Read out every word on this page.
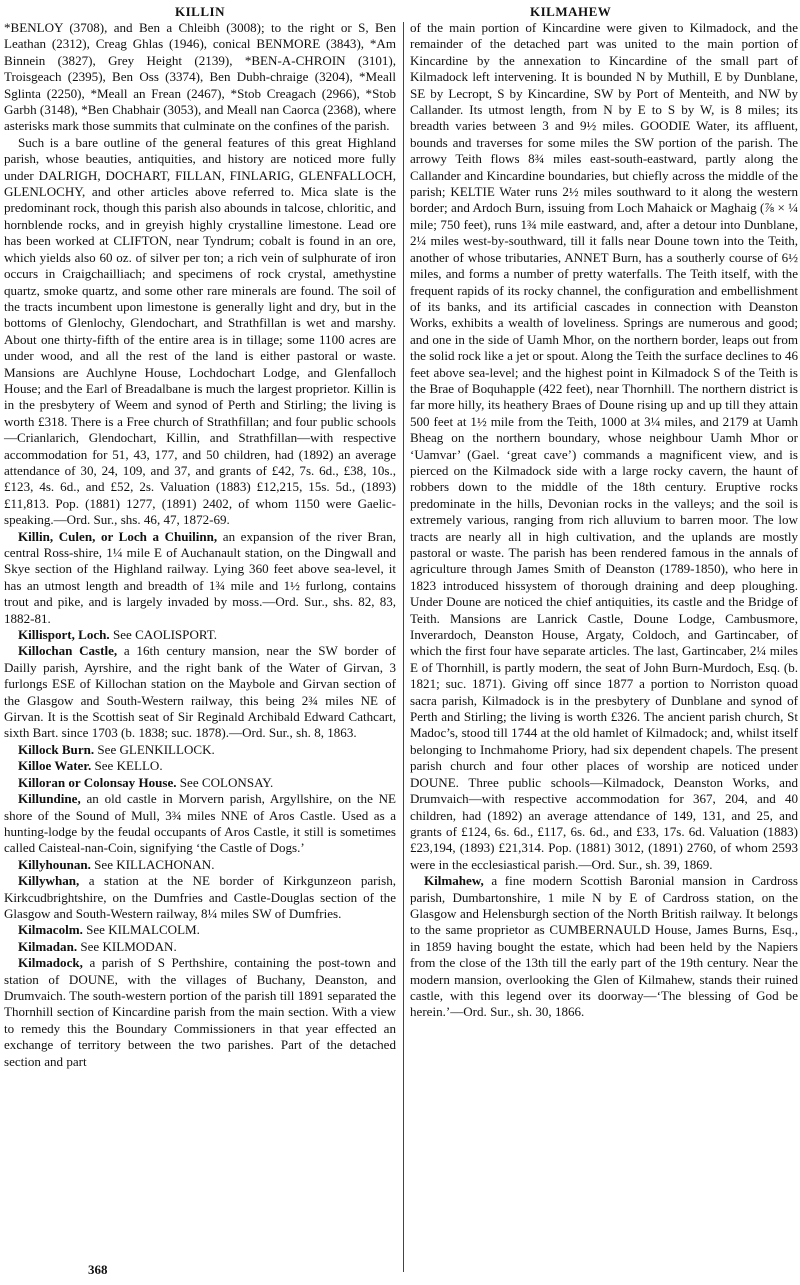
KILLIN	KILMAHEW

*BENLOY (3708), and Ben a Chleibh (3008); to the right or S, Ben Leathan (2312), Creag Ghlas (1946), conical BENMORE (3843), *Am Binnein (3827), Grey Height (2139), *BEN-A-CHROIN (3101), Troisgeach (2395), Ben Oss (3374), Ben Dubh-chraige (3204), *Meall Sglinta (2250), *Meall an Frean (2467), *Stob Creagach (2966), *Stob Garbh (3148), *Ben Chabhair (3053), and Meall nan Caorca (2368), where asterisks mark those summits that culminate on the confines of the parish.

Such is a bare outline of the general features of this great Highland parish, whose beauties, antiquities, and history are noticed more fully under DALRIGH, DOCHART, FILLAN, FINLARIG, GLENFALLOCH, GLENLOCHY, and other articles above referred to. Mica slate is the predominant rock, though this parish also abounds in talcose, chloritic, and hornblende rocks, and in greyish highly crystalline limestone. Lead ore has been worked at CLIFTON, near Tyndrum; cobalt is found in an ore, which yields also 60 oz. of silver per ton; a rich vein of sulphurate of iron occurs in Craigchailliach; and specimens of rock crystal, amethystine quartz, smoke quartz, and some other rare minerals are found. The soil of the tracts incumbent upon limestone is generally light and dry, but in the bottoms of Glenlochy, Glendochart, and Strathfillan is wet and marshy. About one thirty-fifth of the entire area is in tillage; some 1100 acres are under wood, and all the rest of the land is either pastoral or waste. Mansions are Auchlyne House, Lochdochart Lodge, and Glenfalloch House; and the Earl of Breadalbane is much the largest proprietor. Killin is in the presbytery of Weem and synod of Perth and Stirling; the living is worth £318. There is a Free church of Strathfillan; and four public schools—Crianlarich, Glendochart, Killin, and Strathfillan—with respective accommodation for 51, 43, 177, and 50 children, had (1892) an average attendance of 30, 24, 109, and 37, and grants of £42, 7s. 6d., £38, 10s., £123, 4s. 6d., and £52, 2s. Valuation (1883) £12,215, 15s. 5d., (1893) £11,813. Pop. (1881) 1277, (1891) 2402, of whom 1150 were Gaelic-speaking.—Ord. Sur., shs. 46, 47, 1872-69.

Killin, Culen, or Loch a Chuilinn, an expansion of the river Bran, central Ross-shire, 1¼ mile E of Auchanault station, on the Dingwall and Skye section of the Highland railway. Lying 360 feet above sea-level, it has an utmost length and breadth of 1¾ mile and 1½ furlong, contains trout and pike, and is largely invaded by moss.—Ord. Sur., shs. 82, 83, 1882-81.

Killisport, Loch. See CAOLISPORT.

Killochan Castle, a 16th century mansion, near the SW border of Dailly parish, Ayrshire, and the right bank of the Water of Girvan, 3 furlongs ESE of Killochan station on the Maybole and Girvan section of the Glasgow and South-Western railway, this being 2¾ miles NE of Girvan. It is the Scottish seat of Sir Reginald Archibald Edward Cathcart, sixth Bart. since 1703 (b. 1838; suc. 1878).—Ord. Sur., sh. 8, 1863.

Killock Burn. See GLENKILLOCK.

Killoe Water. See KELLO.

Killoran or Colonsay House. See COLONSAY.

Killundine, an old castle in Morvern parish, Argyllshire, on the NE shore of the Sound of Mull, 3¾ miles NNE of Aros Castle. Used as a hunting-lodge by the feudal occupants of Aros Castle, it still is sometimes called Caisteal-nan-Coin, signifying ‘the Castle of Dogs.’

Killyhounan. See KILLACHONAN.

Killywhan, a station at the NE border of Kirkgunzeon parish, Kirkcudbrightshire, on the Dumfries and Castle-Douglas section of the Glasgow and South-Western railway, 8¼ miles SW of Dumfries.

Kilmacolm. See KILMALCOLM.

Kilmadan. See KILMODAN.

Kilmadock, a parish of S Perthshire, containing the post-town and station of DOUNE, with the villages of Buchany, Deanston, and Drumvaich. The south-western portion of the parish till 1891 separated the Thornhill section of Kincardine parish from the main section. With a view to remedy this the Boundary Commissioners in that year effected an exchange of territory between the two parishes. Part of the detached section and part

of the main portion of Kincardine were given to Kilmadock, and the remainder of the detached part was united to the main portion of Kincardine by the annexation to Kincardine of the small part of Kilmadock left intervening. It is bounded N by Muthill, E by Dunblane, SE by Lecropt, S by Kincardine, SW by Port of Menteith, and NW by Callander. Its utmost length, from N by E to S by W, is 8 miles; its breadth varies between 3 and 9½ miles. GOODIE Water, its affluent, bounds and traverses for some miles the SW portion of the parish. The arrowy Teith flows 8¾ miles east-south-eastward, partly along the Callander and Kincardine boundaries, but chiefly across the middle of the parish; KELTIE Water runs 2½ miles southward to it along the western border; and Ardoch Burn, issuing from Loch Mahaick or Maghaig (⅞ × ¼ mile; 750 feet), runs 1¾ mile eastward, and, after a detour into Dunblane, 2¼ miles west-by-southward, till it falls near Doune town into the Teith, another of whose tributaries, ANNET Burn, has a southerly course of 6½ miles, and forms a number of pretty waterfalls. The Teith itself, with the frequent rapids of its rocky channel, the configuration and embellishment of its banks, and its artificial cascades in connection with Deanston Works, exhibits a wealth of loveliness. Springs are numerous and good; and one in the side of Uamh Mhor, on the northern border, leaps out from the solid rock like a jet or spout. Along the Teith the surface declines to 46 feet above sea-level; and the highest point in Kilmadock S of the Teith is the Brae of Boquhapple (422 feet), near Thornhill. The northern district is far more hilly, its heathery Braes of Doune rising up and up till they attain 500 feet at 1½ mile from the Teith, 1000 at 3¼ miles, and 2179 at Uamh Bheag on the northern boundary, whose neighbour Uamh Mhor or ‘Uamvar’ (Gael. ‘great cave’) commands a magnificent view, and is pierced on the Kilmadock side with a large rocky cavern, the haunt of robbers down to the middle of the 18th century. Eruptive rocks predominate in the hills, Devonian rocks in the valleys; and the soil is extremely various, ranging from rich alluvium to barren moor. The low tracts are nearly all in high cultivation, and the uplands are mostly pastoral or waste. The parish has been rendered famous in the annals of agriculture through James Smith of Deanston (1789-1850), who here in 1823 introduced hissystem of thorough draining and deep ploughing. Under Doune are noticed the chief antiquities, its castle and the Bridge of Teith. Mansions are Lanrick Castle, Doune Lodge, Cambusmore, Inverardoch, Deanston House, Argaty, Coldoch, and Gartincaber, of which the first four have separate articles. The last, Gartincaber, 2¼ miles E of Thornhill, is partly modern, the seat of John Burn-Murdoch, Esq. (b. 1821; suc. 1871). Giving off since 1877 a portion to Norriston quoad sacra parish, Kilmadock is in the presbytery of Dunblane and synod of Perth and Stirling; the living is worth £326. The ancient parish church, St Madoc’s, stood till 1744 at the old hamlet of Kilmadock; and, whilst itself belonging to Inchmahome Priory, had six dependent chapels. The present parish church and four other places of worship are noticed under DOUNE. Three public schools—Kilmadock, Deanston Works, and Drumvaich—with respective accommodation for 367, 204, and 40 children, had (1892) an average attendance of 149, 131, and 25, and grants of £124, 6s. 6d., £117, 6s. 6d., and £33, 17s. 6d. Valuation (1883) £23,194, (1893) £21,314. Pop. (1881) 3012, (1891) 2760, of whom 2593 were in the ecclesiastical parish.—Ord. Sur., sh. 39, 1869.

Kilmahew, a fine modern Scottish Baronial mansion in Cardross parish, Dumbartonshire, 1 mile N by E of Cardross station, on the Glasgow and Helensburgh section of the North British railway. It belongs to the same proprietor as CUMBERNAULD House, James Burns, Esq., in 1859 having bought the estate, which had been held by the Napiers from the close of the 13th till the early part of the 19th century. Near the modern mansion, overlooking the Glen of Kilmahew, stands their ruined castle, with this legend over its doorway—‘The blessing of God be herein.’—Ord. Sur., sh. 30, 1866.

368
